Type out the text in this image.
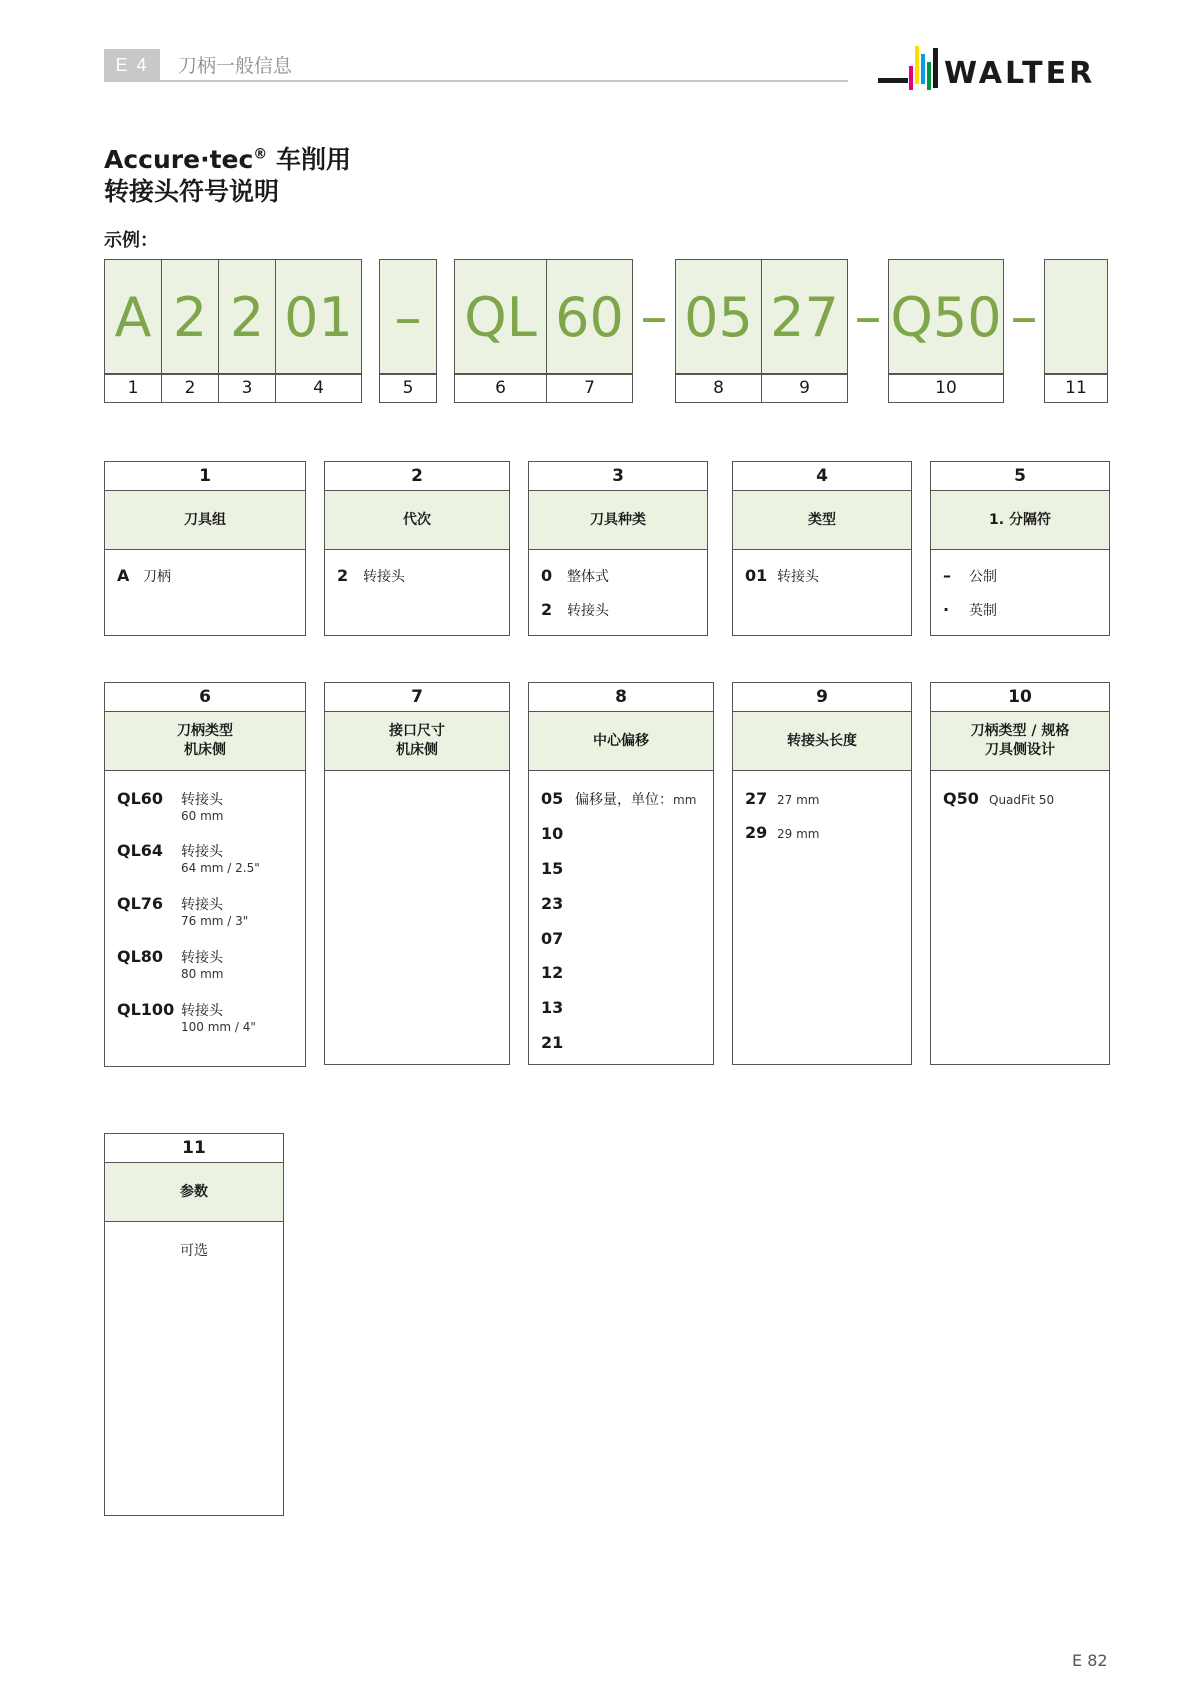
E 4	刀柄一般信息	WALTER
Accure·tec® 车削用
转接头符号说明
示例：
A 2 2 01 – QL 60 – 05 27 – Q50 –
1	2	3	4	5	6	7	8	9	10	11
1
刀具组
A 刀柄
2
代次
2 转接头
3
刀具种类
0 整体式
2 转接头
4
类型
01 转接头
5
1. 分隔符
– 公制
· 英制
6
刀柄类型
机床侧
QL60 转接头
60 mm
QL64 转接头
64 mm / 2.5"
QL76 转接头
76 mm / 3"
QL80 转接头
80 mm
QL100 转接头
100 mm / 4"
7
接口尺寸
机床侧
8
中心偏移
05 偏移量，单位：mm
10
15
23
07
12
13
21
9
转接头长度
27 27 mm
29 29 mm
10
刀柄类型 / 规格
刀具侧设计
Q50 QuadFit 50
11
参数
可选
E 82
